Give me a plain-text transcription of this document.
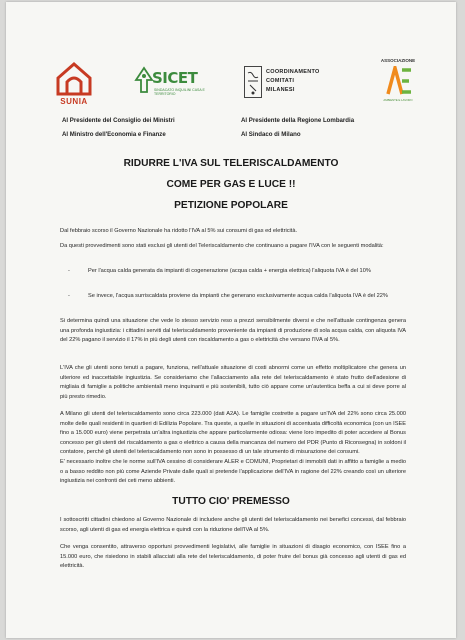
SUNIA
SICET
SINDACATO INQUILINI CASA E TERRITORIO
COORDINAMENTO
COMITATI
MILANESI
ASSOCIAZIONE
AMBIENTE E LAVORO
Al Presidente del Consiglio dei Ministri
Al Ministro dell'Economia e Finanze
Al Presidente della Regione Lombardia
Al Sindaco di Milano
RIDURRE L'IVA SUL TELERISCALDAMENTO
COME PER GAS E LUCE !!
PETIZIONE POPOLARE

Dal febbraio scorso il Governo Nazionale ha ridotto l'IVA al 5% sui consumi di gas ed elettricità.

Da questi provvedimenti sono stati esclusi gli utenti del Teleriscaldamento che continuano a pagare l'IVA con le seguenti modalità:

-	Per l'acqua calda generata da impianti di cogenerazione (acqua calda + energia elettrica) l'aliquota IVA è del 10%
-	Se invece, l'acqua surriscaldata proviene da impianti che generano esclusivamente acqua calda l'aliquota IVA è del 22%

Si determina quindi una situazione che vede lo stesso servizio reso a prezzi sensibilmente diversi e che nell'attuale contingenza genera una profonda ingiustizia: i cittadini serviti dal teleriscaldamento proveniente da impianti di produzione di sola acqua calda, con aliquota IVA del 22% pagano il servizio il 17% in più degli utenti con riscaldamento a gas o elettricità che versano l'IVA al 5%.

L'IVA che gli utenti sono tenuti a pagare, funziona, nell'attuale situazione di costi abnormi come un effetto moltiplicatore che genera un ulteriore ed inaccettabile ingiustizia. Se consideriamo che l'allacciamento alla rete del teleriscaldamento è stato frutto dell'adesione di migliaia di famiglie a politiche ambientali meno inquinanti e più sostenibili, tutto ciò appare come un'autentica beffa a cui si deve porre al più presto rimedio.

A Milano gli utenti del teleriscaldamento sono circa 223.000 (dati A2A). Le famiglie costrette a pagare un'IVA del 22% sono circa 25.000 molte delle quali residenti in quartieri di Edilizia Popolare. Tra queste, a quelle in situazioni di accentuata difficoltà economica (con un ISEE fino a 15.000 euro) viene perpetrata un'altra ingiustizia che appare particolarmente odiosa: viene loro impedito di poter accedere al Bonus concesso per gli utenti del riscaldamento a gas o elettrico a causa della mancanza del numero del PDR (Punto di Riconsegna) in soldoni il contatore, perché gli utenti del teleriscaldamento non sono in possesso di un tale strumento di misurazione dei consumi.

E' necessario inoltre che le norme sull'IVA cessino di considerare ALER e COMUNI, Proprietari di immobili dati in affitto a famiglie a medio o a basso reddito non più come Aziende Private dalle quali si pretende l'applicazione dell'IVA in ragione del 22% creando così un ulteriore ingiustizia nei confronti dei ceti meno abbienti.

TUTTO CIO' PREMESSO

I sottoscritti cittadini chiedono al Governo Nazionale di includere anche gli utenti del teleriscaldamento nei benefici concessi, dal febbraio scorso, agli utenti di gas ed energia elettrica e quindi con la riduzione dell'IVA al 5%.

Che venga consentito, attraverso opportuni provvedimenti legislativi, alle famiglie in situazioni di disagio economico, con ISEE fino a 15.000 euro, che risiedono in stabili allacciati alla rete del teleriscaldamento, di poter fruire del bonus già concesso agli utenti di gas ed elettricità.
